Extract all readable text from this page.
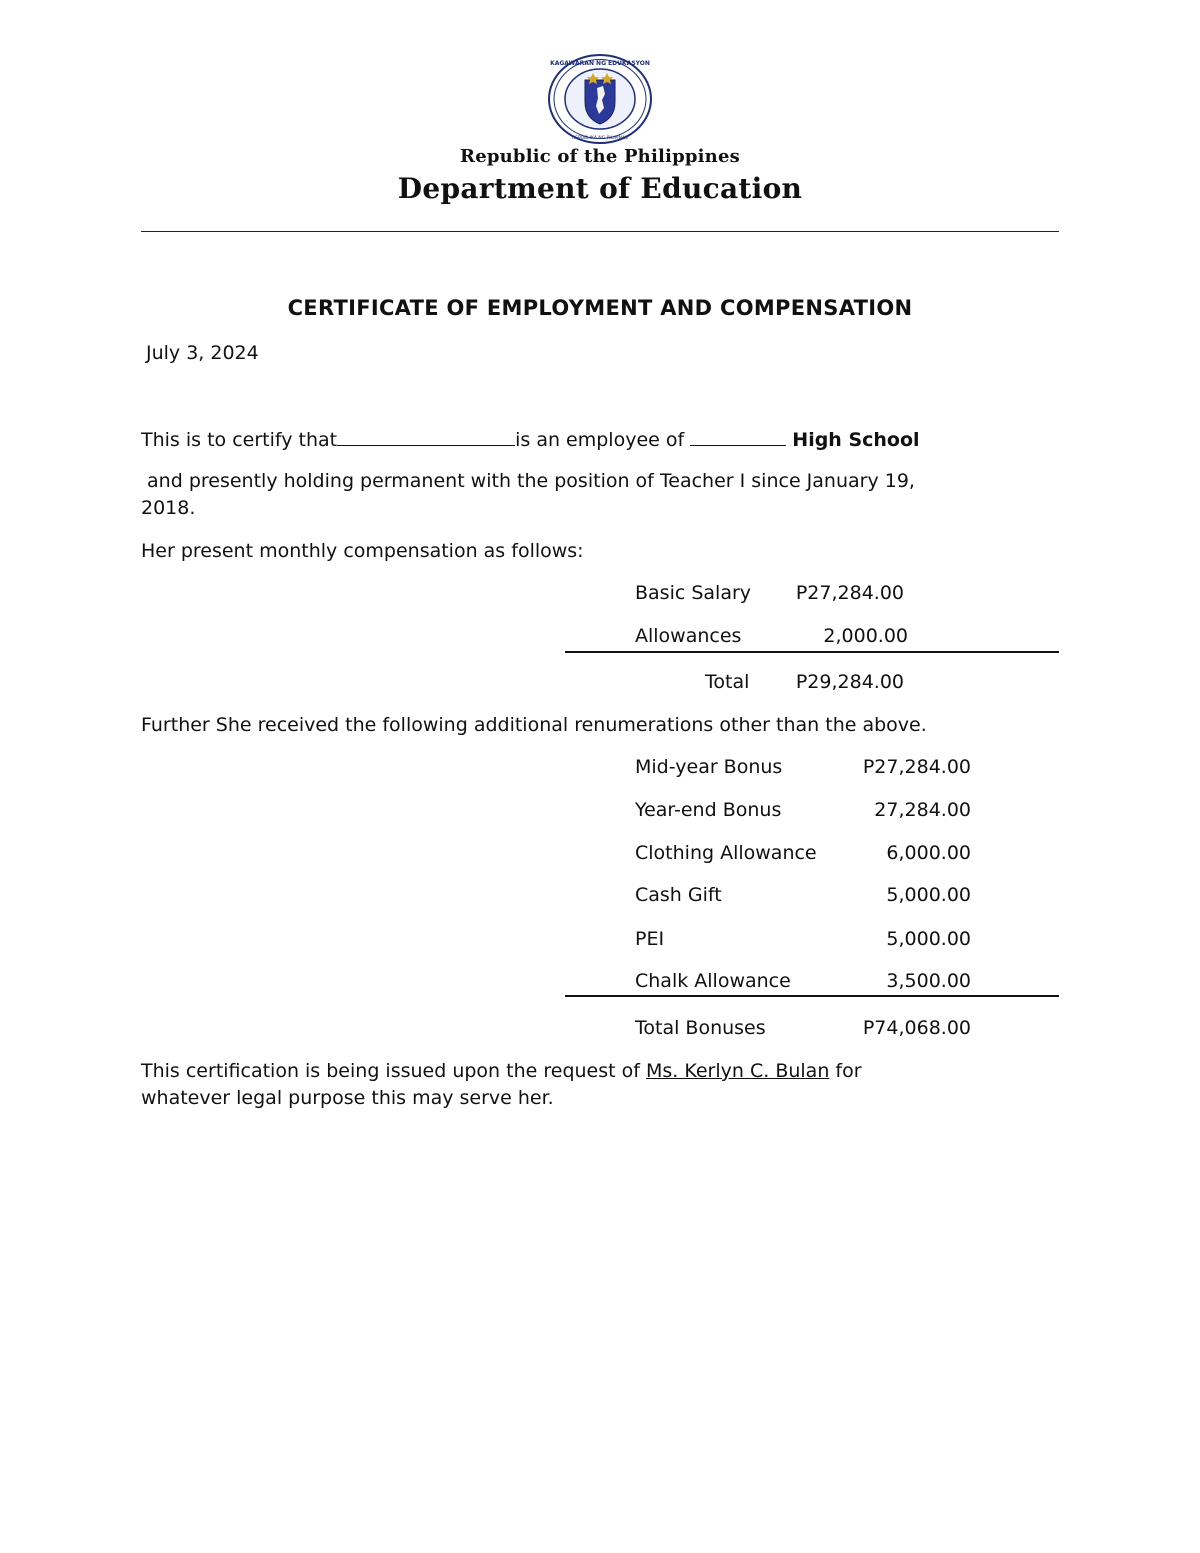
KAGAWARAN NG EDUKASYON
REPUBLIKA NG PILIPINAS
Republic of the Philippines
Department of Education
CERTIFICATE OF EMPLOYMENT AND COMPENSATION
July 3, 2024
This is to certify that	is an employee of	High School
and presently holding permanent with the position of Teacher I since January 19,
2018.
Her present monthly compensation as follows:
Basic Salary	P27,284.00
Allowances	2,000.00
Total	P29,284.00
Further She received the following additional renumerations other than the above.
Mid-year Bonus	P27,284.00
Year-end Bonus	27,284.00
Clothing Allowance	6,000.00
Cash Gift	5,000.00
PEI	5,000.00
Chalk Allowance	3,500.00
Total Bonuses	P74,068.00
This certification is being issued upon the request of Ms. Kerlyn C. Bulan for
whatever legal purpose this may serve her.
